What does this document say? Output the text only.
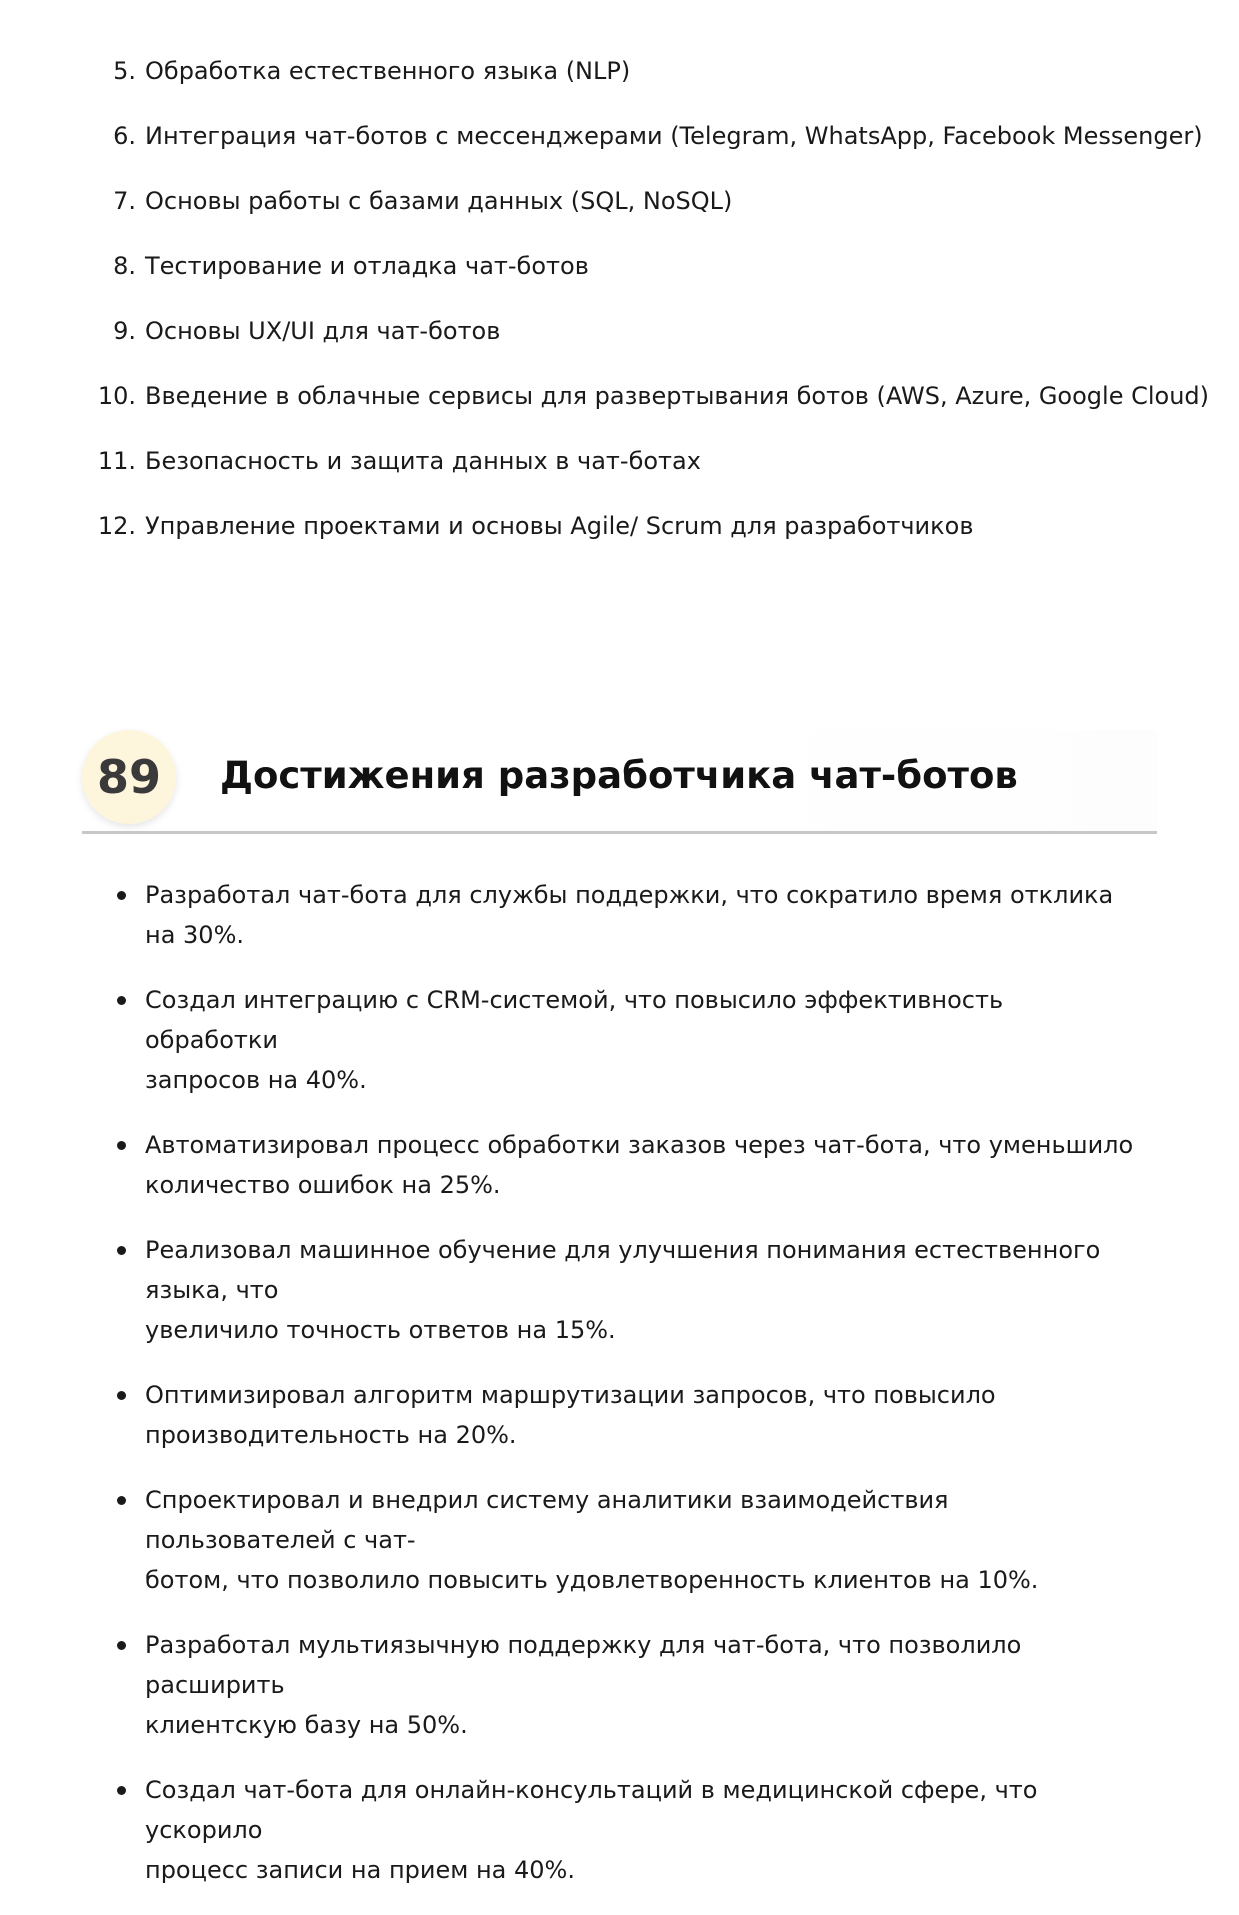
5. Обработка естественного языка (NLP)
6. Интеграция чат-ботов с мессенджерами (Telegram, WhatsApp, Facebook Messenger)
7. Основы работы с базами данных (SQL, NoSQL)
8. Тестирование и отладка чат-ботов
9. Основы UX/UI для чат-ботов
10. Введение в облачные сервисы для развертывания ботов (AWS, Azure, Google Cloud)
11. Безопасность и защита данных в чат-ботах
12. Управление проектами и основы Agile/ Scrum для разработчиков
89	Достижения разработчика чат-ботов
Разработал чат-бота для службы поддержки, что сократило время отклика на 30%.
Создал интеграцию с CRM-системой, что повысило эффективность обработки
запросов на 40%.
Автоматизировал процесс обработки заказов через чат-бота, что уменьшило
количество ошибок на 25%.
Реализовал машинное обучение для улучшения понимания естественного языка, что
увеличило точность ответов на 15%.
Оптимизировал алгоритм маршрутизации запросов, что повысило
производительность на 20%.
Спроектировал и внедрил систему аналитики взаимодействия пользователей с чат-
ботом, что позволило повысить удовлетворенность клиентов на 10%.
Разработал мультиязычную поддержку для чат-бота, что позволило расширить
клиентскую базу на 50%.
Создал чат-бота для онлайн-консультаций в медицинской сфере, что ускорило
процесс записи на прием на 40%.
